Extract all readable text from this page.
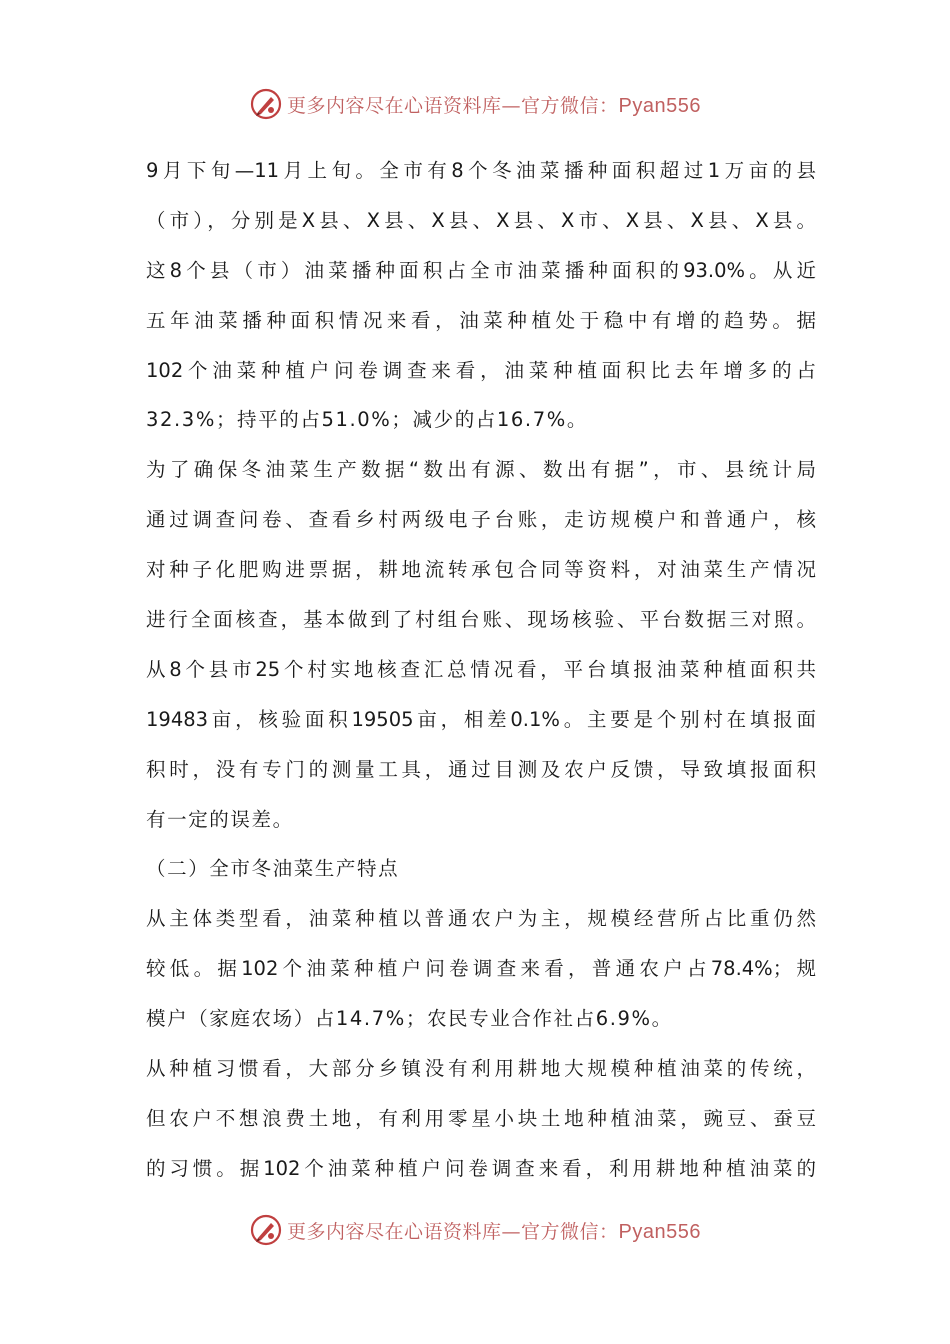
更多内容尽在心语资料库—官方微信：Pyan556
9月下旬—11月上旬。全市有8个冬油菜播种面积超过1万亩的县
（市），分别是X县、X县、X县、X县、X市、X县、X县、X县。
这8个县（市）油菜播种面积占全市油菜播种面积的93.0%。从近
五年油菜播种面积情况来看，油菜种植处于稳中有增的趋势。据
102个油菜种植户问卷调查来看，油菜种植面积比去年增多的占
32.3%；持平的占51.0%；减少的占16.7%。
为了确保冬油菜生产数据“数出有源、数出有据”，市、县统计局
通过调查问卷、查看乡村两级电子台账，走访规模户和普通户，核
对种子化肥购进票据，耕地流转承包合同等资料，对油菜生产情况
进行全面核查，基本做到了村组台账、现场核验、平台数据三对照。
从8个县市25个村实地核查汇总情况看，平台填报油菜种植面积共
19483亩，核验面积19505亩，相差0.1%。主要是个别村在填报面
积时，没有专门的测量工具，通过目测及农户反馈，导致填报面积
有一定的误差。
（二）全市冬油菜生产特点
从主体类型看，油菜种植以普通农户为主，规模经营所占比重仍然
较低。据102个油菜种植户问卷调查来看，普通农户占78.4%；规
模户（家庭农场）占14.7%；农民专业合作社占6.9%。
从种植习惯看，大部分乡镇没有利用耕地大规模种植油菜的传统，
但农户不想浪费土地，有利用零星小块土地种植油菜，豌豆、蚕豆
的习惯。据102个油菜种植户问卷调查来看，利用耕地种植油菜的
更多内容尽在心语资料库—官方微信：Pyan556
